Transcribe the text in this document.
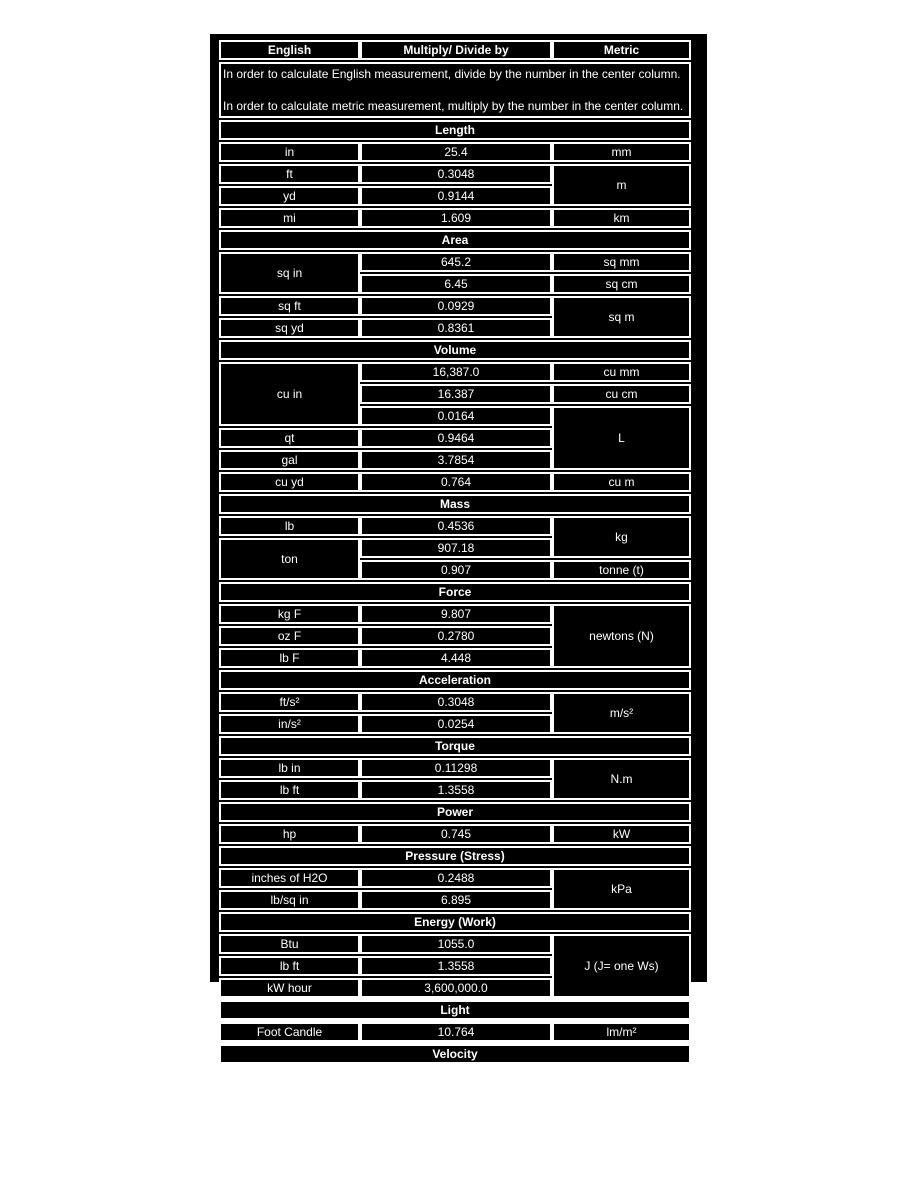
English	Multiply/ Divide by	Metric

In order to calculate English measurement, divide by the number in the center column.
In order to calculate metric measurement, multiply by the number in the center column.		

Length		
in	25.4	mm
ft	0.3048	m
yd	0.9144	
mi	1.609	km
Area		
sq in	645.2	sq mm
	6.45	sq cm
sq ft	0.0929	sq m
sq yd	0.8361	
Volume		
cu in	16,387.0	cu mm
	16.387	cu cm
	0.0164	L
qt	0.9464	
gal	3.7854	
cu yd	0.764	cu m
Mass		
lb	0.4536	kg
ton	907.18	
	0.907	tonne (t)
Force		
kg F	9.807	newtons (N)
oz F	0.2780	
lb F	4.448	
Acceleration		
ft/s²	0.3048	m/s²
in/s²	0.0254	
Torque		
lb in	0.11298	N.m
lb ft	1.3558	
Power		
hp	0.745	kW
Pressure (Stress)		
inches of H2O	0.2488	kPa
lb/sq in	6.895	
Energy (Work)		
Btu	1055.0	J (J= one Ws)
lb ft	1.3558	
kW hour	3,600,000.0	
Light		
Foot Candle	10.764	lm/m²
Velocity		
